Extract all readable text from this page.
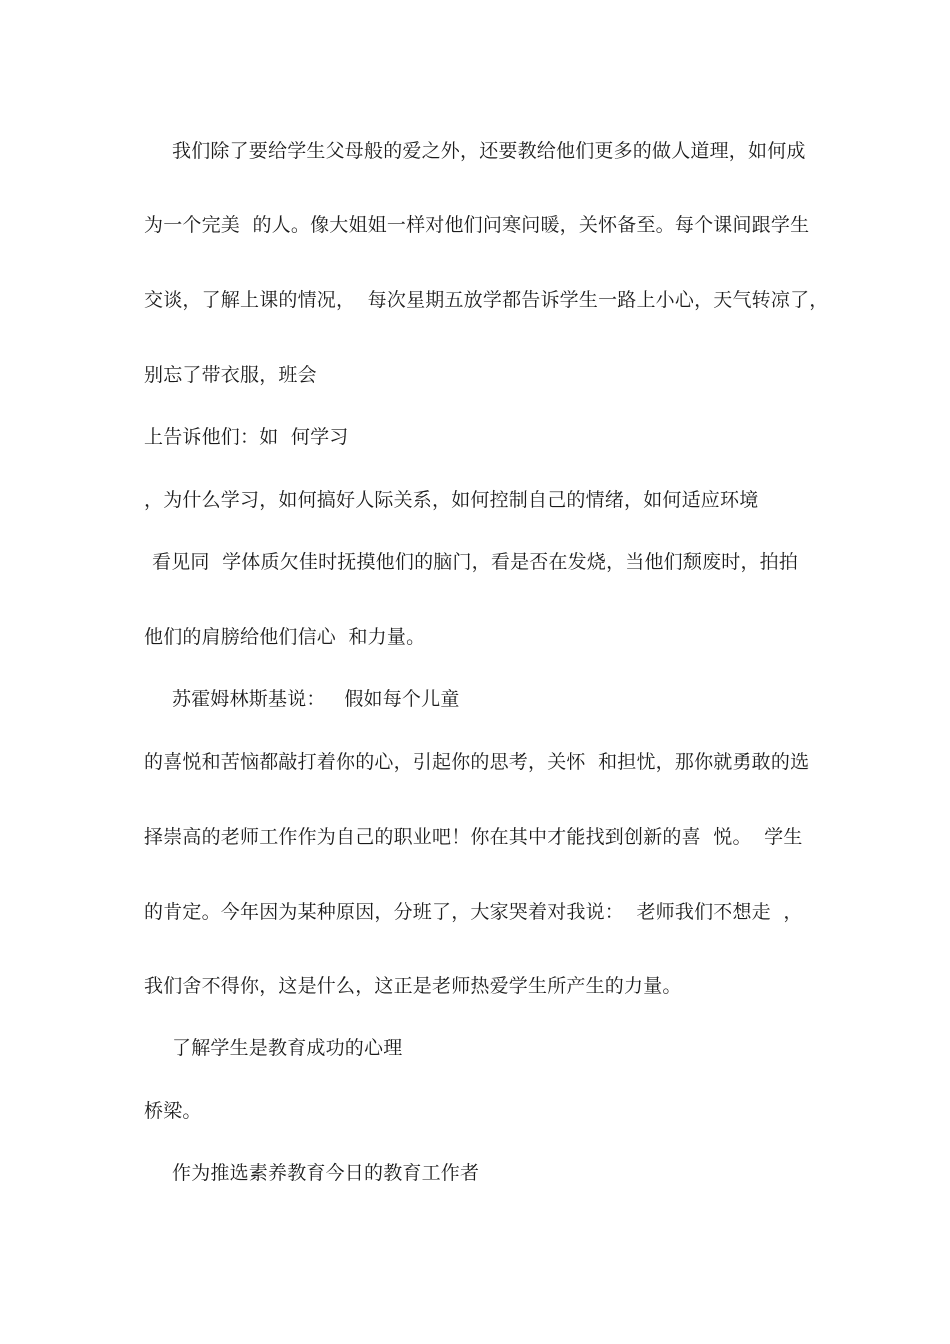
我们除了要给学生父母般的爱之外，还要教给他们更多的做人道理，如何成
为一个完美  的人。像大姐姐一样对他们问寒问暖，关怀备至。每个课间跟学生
交谈，了解上课的情况，  每次星期五放学都告诉学生一路上小心，天气转凉了，
别忘了带衣服，班会
上告诉他们：如  何学习
，为什么学习，如何搞好人际关系，如何控制自己的情绪，如何适应环境
看见同  学体质欠佳时抚摸他们的脑门，看是否在发烧，当他们颓废时，拍拍
他们的肩膀给他们信心  和力量。
苏霍姆林斯基说：   假如每个儿童
的喜悦和苦恼都敲打着你的心，引起你的思考，关怀  和担忧，那你就勇敢的选
择崇高的老师工作作为自己的职业吧！你在其中才能找到创新的喜  悦。  学生
的肯定。今年因为某种原因，分班了，大家哭着对我说：  老师我们不想走  ，
我们舍不得你，这是什么，这正是老师热爱学生所产生的力量。
了解学生是教育成功的心理
桥梁。
作为推选素养教育今日的教育工作者
